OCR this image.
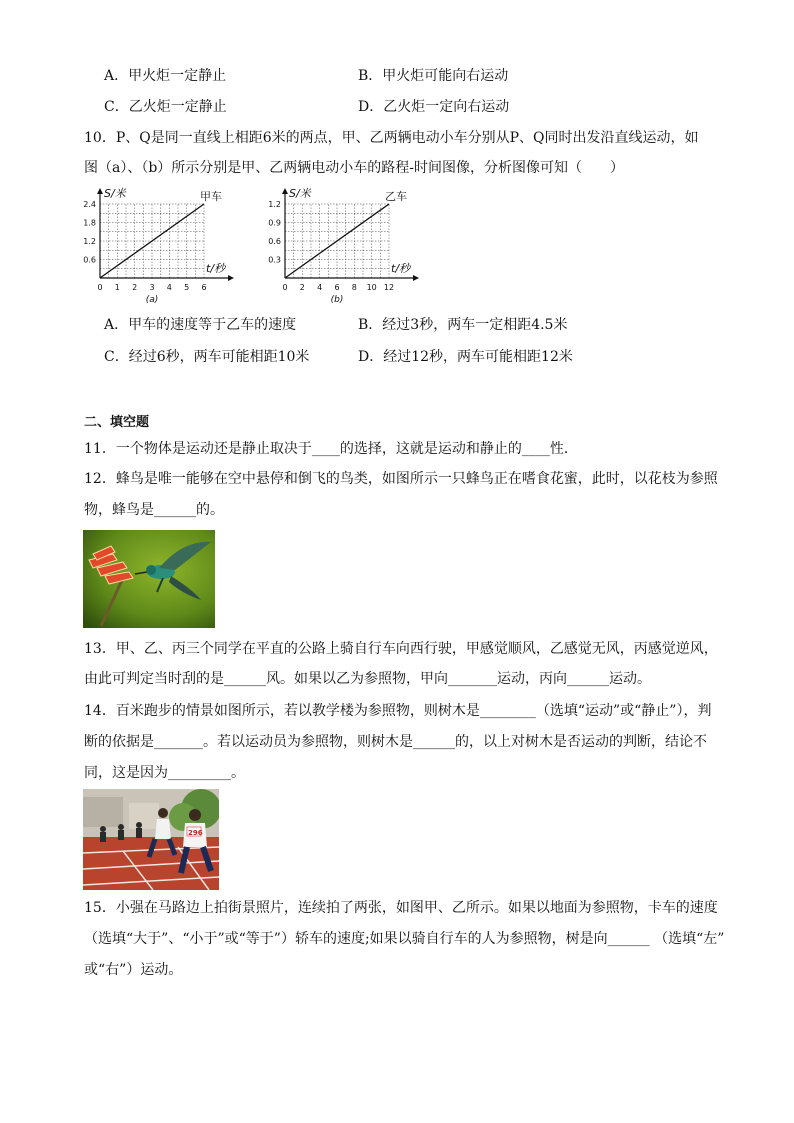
A．甲火炬一定静止	B．甲火炬可能向右运动
C．乙火炬一定静止	D．乙火炬一定向右运动
10．P、Q是同一直线上相距6米的两点，甲、乙两辆电动小车分别从P、Q同时出发沿直线运动，如
图（a）、（b）所示分别是甲、乙两辆电动小车的路程-时间图像，分析图像可知（　　）
0 1 2 3 4 5 6
0.6
1.2
1.8
2.4
S/米
t/秒
甲车
(a)
0 2 4 6 8 10 12
0.3
0.6
0.9
1.2
S/米
t/秒
乙车
(b)
A．甲车的速度等于乙车的速度	B．经过3秒，两车一定相距4.5米
C．经过6秒，两车可能相距10米	D．经过12秒，两车可能相距12米
二、填空题
11．一个物体是运动还是静止取决于____的选择，这就是运动和静止的____性．
12．蜂鸟是唯一能够在空中悬停和倒飞的鸟类，如图所示一只蜂鸟正在嗜食花蜜，此时，以花枝为参照
物，蜂鸟是______的。
13．甲、乙、丙三个同学在平直的公路上骑自行车向西行驶，甲感觉顺风，乙感觉无风，丙感觉逆风，
由此可判定当时刮的是______风。如果以乙为参照物，甲向_______运动，丙向______运动。
14．百米跑步的情景如图所示，若以教学楼为参照物，则树木是________（选填“运动”或“静止”），判
断的依据是_______。若以运动员为参照物，则树木是______的，以上对树木是否运动的判断，结论不
同，这是因为_________。
296
15．小强在马路边上拍街景照片，连续拍了两张，如图甲、乙所示。如果以地面为参照物，卡车的速度
（选填“大于”、“小于”或“等于”）轿车的速度;如果以骑自行车的人为参照物，树是向______ （选填“左”
或“右”）运动。
